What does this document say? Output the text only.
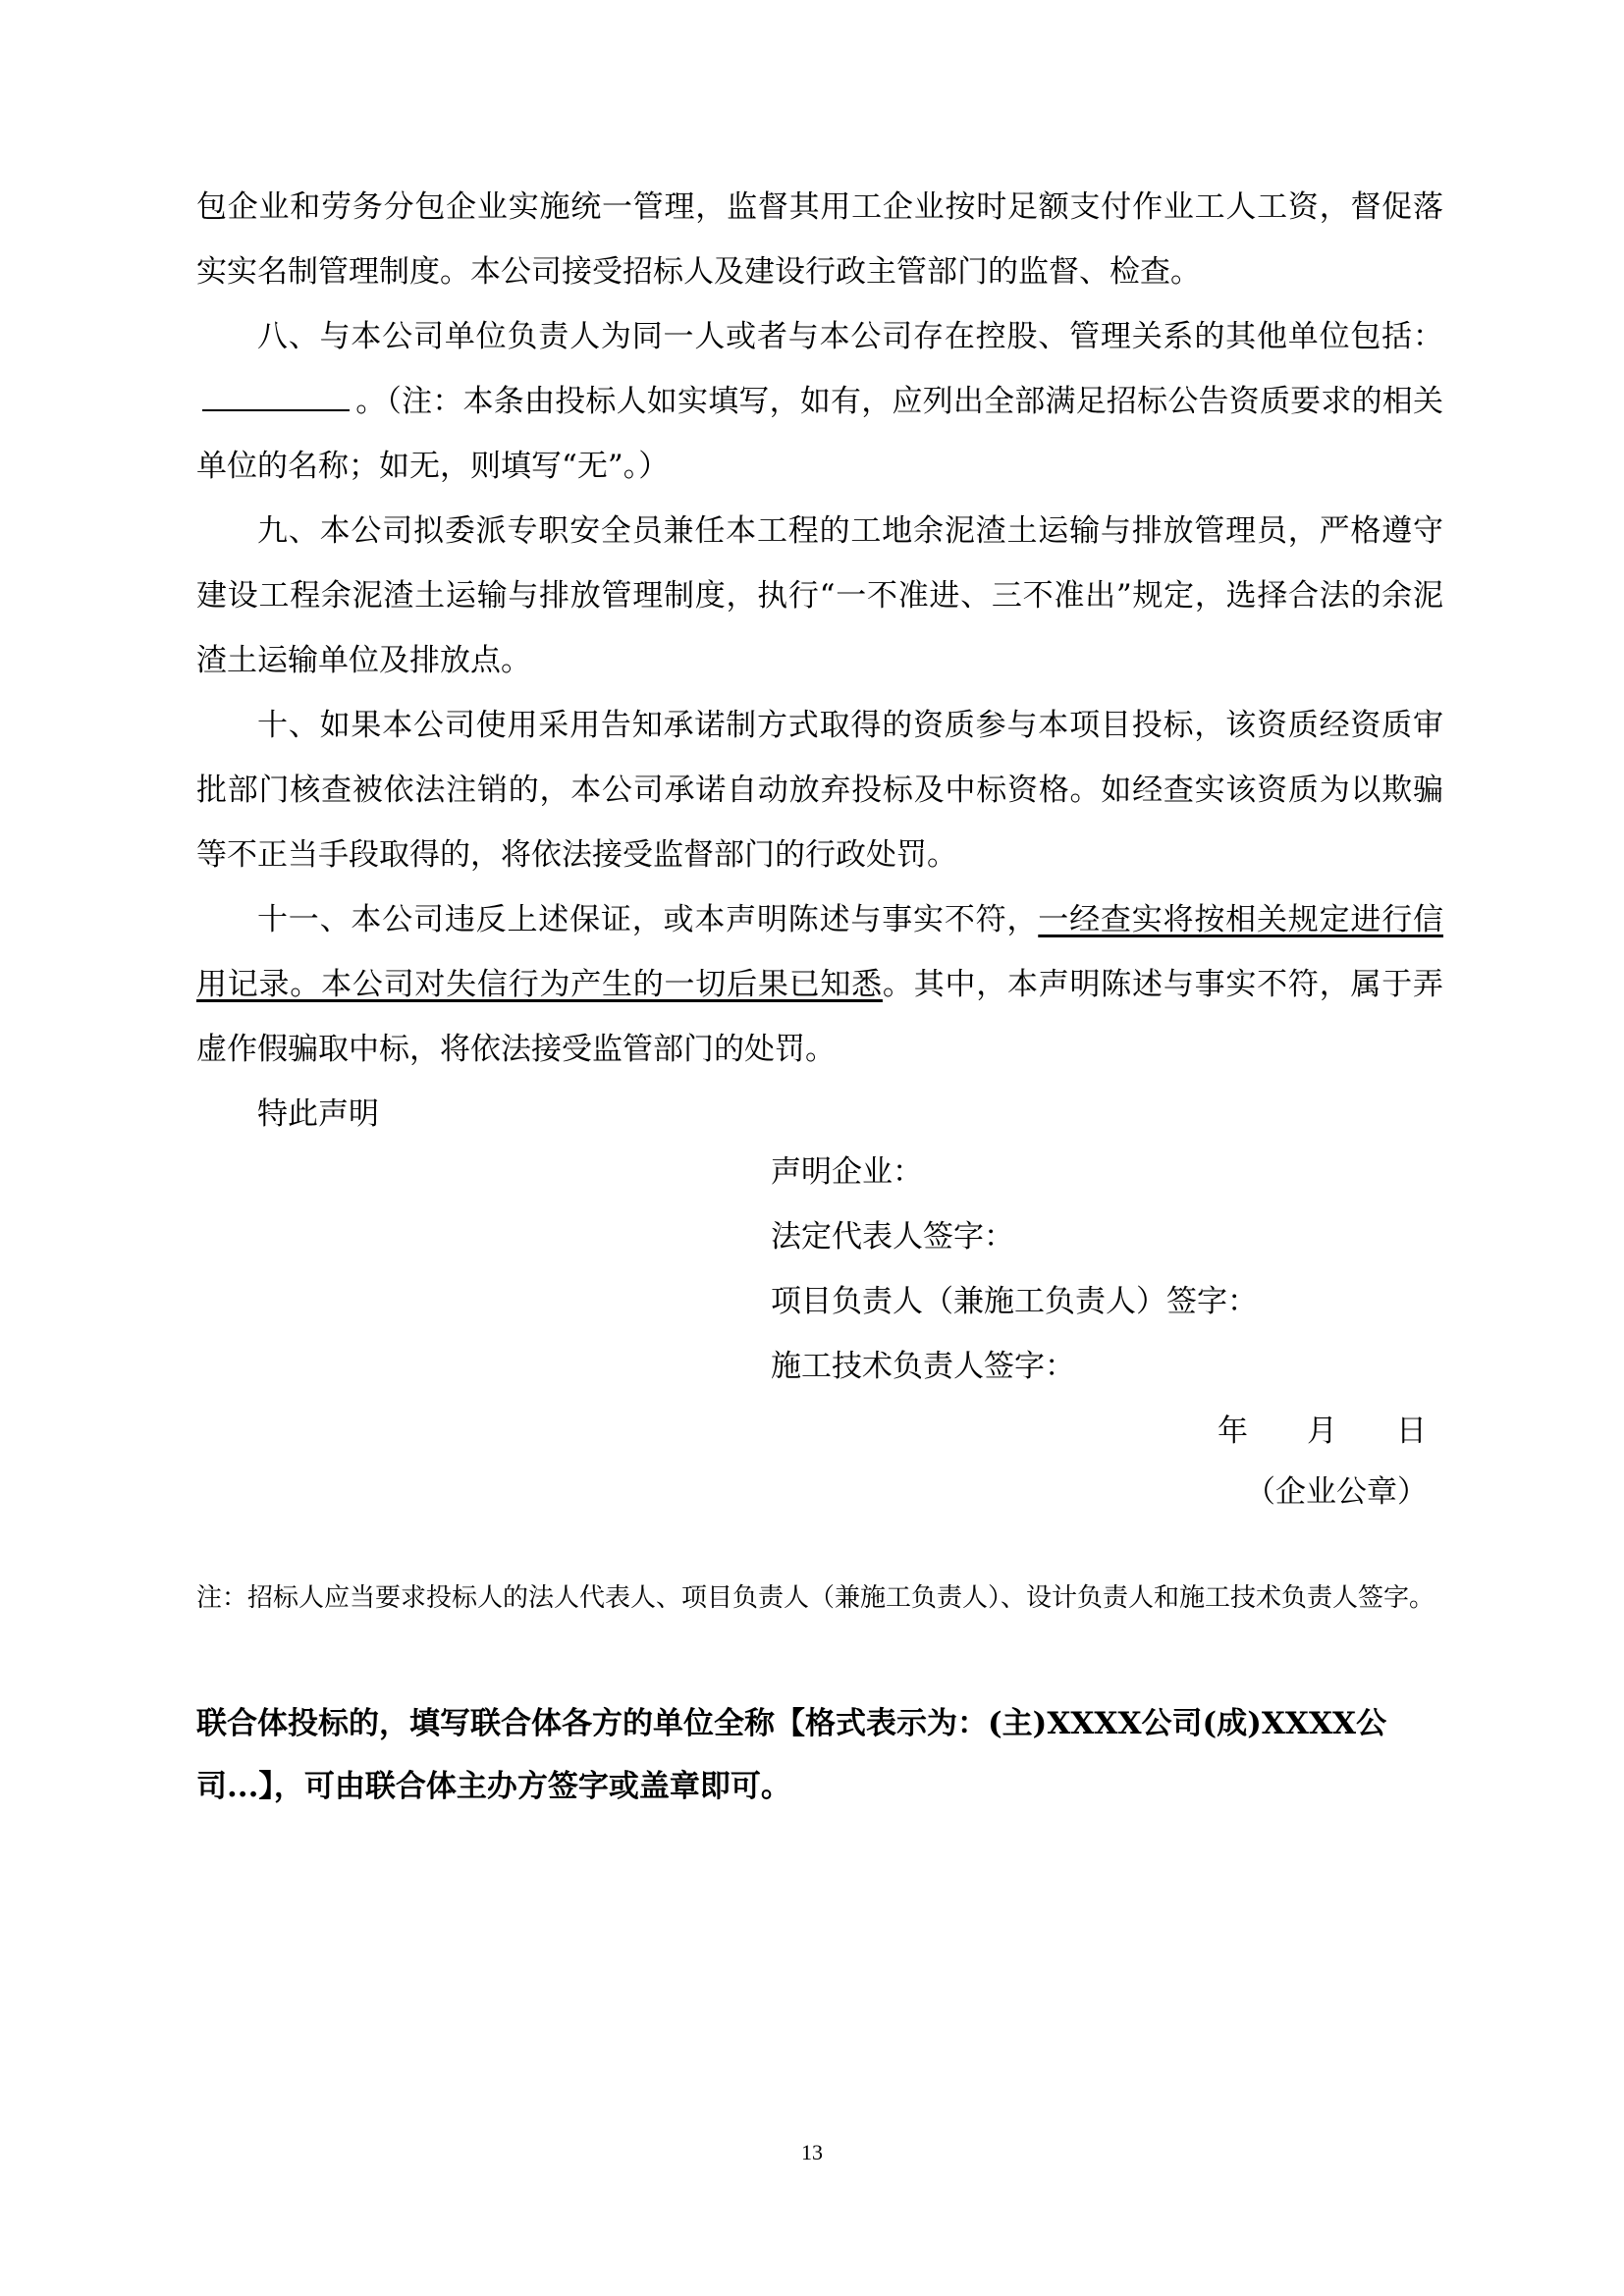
包企业和劳务分包企业实施统一管理，监督其用工企业按时足额支付作业工人工资，督促落实实名制管理制度。本公司接受招标人及建设行政主管部门的监督、检查。

八、与本公司单位负责人为同一人或者与本公司存在控股、管理关系的其他单位包括：。（注：本条由投标人如实填写，如有，应列出全部满足招标公告资质要求的相关单位的名称；如无，则填写“无”。）

九、本公司拟委派专职安全员兼任本工程的工地余泥渣土运输与排放管理员，严格遵守建设工程余泥渣土运输与排放管理制度，执行“一不准进、三不准出”规定，选择合法的余泥渣土运输单位及排放点。

十、如果本公司使用采用告知承诺制方式取得的资质参与本项目投标，该资质经资质审批部门核查被依法注销的，本公司承诺自动放弃投标及中标资格。如经查实该资质为以欺骗等不正当手段取得的，将依法接受监督部门的行政处罚。

十一、本公司违反上述保证，或本声明陈述与事实不符，一经查实将按相关规定进行信用记录。本公司对失信行为产生的一切后果已知悉。其中，本声明陈述与事实不符，属于弄虚作假骗取中标，将依法接受监管部门的处罚。

特此声明

声明企业：

法定代表人签字：

项目负责人（兼施工负责人）签字：

施工技术负责人签字：

年 月 日

（企业公章）

注：招标人应当要求投标人的法人代表人、项目负责人（兼施工负责人）、设计负责人和施工技术负责人签字。

联合体投标的，填写联合体各方的单位全称【格式表示为：(主)XXXX公司(成)XXXX公司...】，可由联合体主办方签字或盖章即可。

13
